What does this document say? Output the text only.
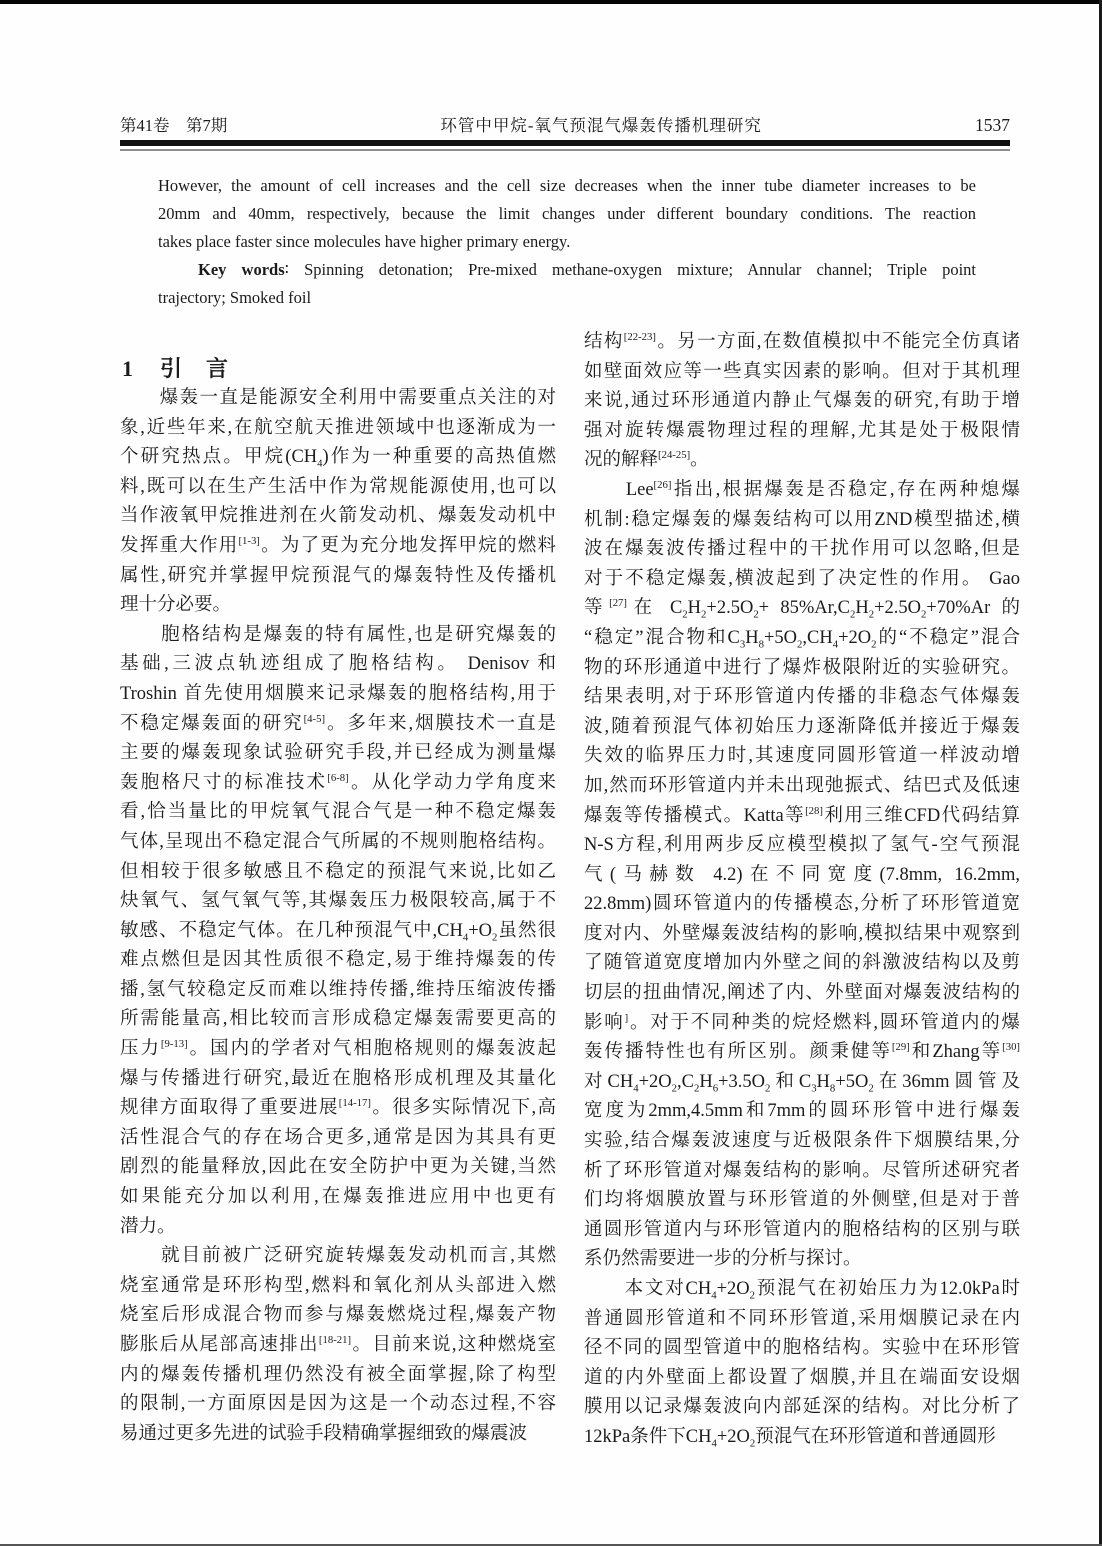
第41卷　第7期	环管中甲烷-氧气预混气爆轰传播机理研究	1537
However, the amount of cell increases and the cell size decreases when the inner tube diameter increases to be
20mm and 40mm, respectively, because the limit changes under different boundary conditions. The reaction
takes place faster since molecules have higher primary energy.
Key words∶ Spinning detonation; Pre-mixed methane-oxygen mixture; Annular channel; Triple point
trajectory; Smoked foil
1 引　言
　　爆轰一直是能源安全利用中需要重点关注的对
象,近些年来,在航空航天推进领域中也逐渐成为一
个研究热点。甲烷$(CH_4)$作为一种重要的高热值燃
料,既可以在生产生活中作为常规能源使用,也可以
当作液氧甲烷推进剂在火箭发动机、爆轰发动机中
发挥重大作用[1-3]。为了更为充分地发挥甲烷的燃料
属性,研究并掌握甲烷预混气的爆轰特性及传播机
理十分必要。
　　胞格结构是爆轰的特有属性,也是研究爆轰的
基础,三波点轨迹组成了胞格结构。 Denisov 和
Troshin 首先使用烟膜来记录爆轰的胞格结构,用于
不稳定爆轰面的研究[4-5]。多年来,烟膜技术一直是
主要的爆轰现象试验研究手段,并已经成为测量爆
轰胞格尺寸的标准技术[6-8]。从化学动力学角度来
看,恰当量比的甲烷氧气混合气是一种不稳定爆轰
气体,呈现出不稳定混合气所属的不规则胞格结构。
但相较于很多敏感且不稳定的预混气来说,比如乙
炔氧气、氢气氧气等,其爆轰压力极限较高,属于不
敏感、不稳定气体。在几种预混气中$,CH_4+O_2$虽然很
难点燃但是因其性质很不稳定,易于维持爆轰的传
播,氢气较稳定反而难以维持传播,维持压缩波传播
所需能量高,相比较而言形成稳定爆轰需要更高的
压力[9-13]。国内的学者对气相胞格规则的爆轰波起
爆与传播进行研究,最近在胞格形成机理及其量化
规律方面取得了重要进展[14-17]。很多实际情况下,高
活性混合气的存在场合更多,通常是因为其具有更
剧烈的能量释放,因此在安全防护中更为关键,当然
如果能充分加以利用,在爆轰推进应用中也更有
潜力。
　　就目前被广泛研究旋转爆轰发动机而言,其燃
烧室通常是环形构型,燃料和氧化剂从头部进入燃
烧室后形成混合物而参与爆轰燃烧过程,爆轰产物
膨胀后从尾部高速排出[18-21]。目前来说,这种燃烧室
内的爆轰传播机理仍然没有被全面掌握,除了构型
的限制,一方面原因是因为这是一个动态过程,不容
易通过更多先进的试验手段精确掌握细致的爆震波
结构[22-23]。另一方面,在数值模拟中不能完全仿真诸
如壁面效应等一些真实因素的影响。但对于其机理
来说,通过环形通道内静止气爆轰的研究,有助于增
强对旋转爆震物理过程的理解,尤其是处于极限情
况的解释[24-25]。
　　Lee[26]指出,根据爆轰是否稳定,存在两种熄爆
机制:稳定爆轰的爆轰结构可以用ZND模型描述,横
波在爆轰波传播过程中的干扰作用可以忽略,但是
对于不稳定爆轰,横波起到了决定性的作用。 Gao
等[27]在 $C_2H_2+2.5O_2+ 85\%Ar,C_2H_2+2.5O_2+70\%Ar$ 的
“稳定”混合物和$C_3H_8+5O_2,CH_4+2O_2$的“不稳定”混合
物的环形通道中进行了爆炸极限附近的实验研究。
结果表明,对于环形管道内传播的非稳态气体爆轰
波,随着预混气体初始压力逐渐降低并接近于爆轰
失效的临界压力时,其速度同圆形管道一样波动增
加,然而环形管道内并未出现弛振式、结巴式及低速
爆轰等传播模式。Katta等[28]利用三维CFD代码结算
N-S方程,利用两步反应模型模拟了氢气-空气预混
气(马赫数 4.2)在不同宽度(7.8mm, 16.2mm,
22.8mm)圆环管道内的传播模态,分析了环形管道宽
度对内、外壁爆轰波结构的影响,模拟结果中观察到
了随管道宽度增加内外壁之间的斜激波结构以及剪
切层的扭曲情况,阐述了内、外壁面对爆轰波结构的
影响]。对于不同种类的烷烃燃料,圆环管道内的爆
轰传播特性也有所区别。颜秉健等[29]和Zhang等[30]
对$CH_4+2O_2,C_2H_6+3.5O_2$和$C_3H_8+5O_2$在36mm圆管及
宽度为2mm,4.5mm和7mm的圆环形管中进行爆轰
实验,结合爆轰波速度与近极限条件下烟膜结果,分
析了环形管道对爆轰结构的影响。尽管所述研究者
们均将烟膜放置与环形管道的外侧壁,但是对于普
通圆形管道内与环形管道内的胞格结构的区别与联
系仍然需要进一步的分析与探讨。
　　本文对$CH_4+2O_2$预混气在初始压力为12.0kPa时
普通圆形管道和不同环形管道,采用烟膜记录在内
径不同的圆型管道中的胞格结构。实验中在环形管
道的内外壁面上都设置了烟膜,并且在端面安设烟
膜用以记录爆轰波向内部延深的结构。对比分析了
12kPa条件下$CH_4+2O_2$预混气在环形管道和普通圆形
